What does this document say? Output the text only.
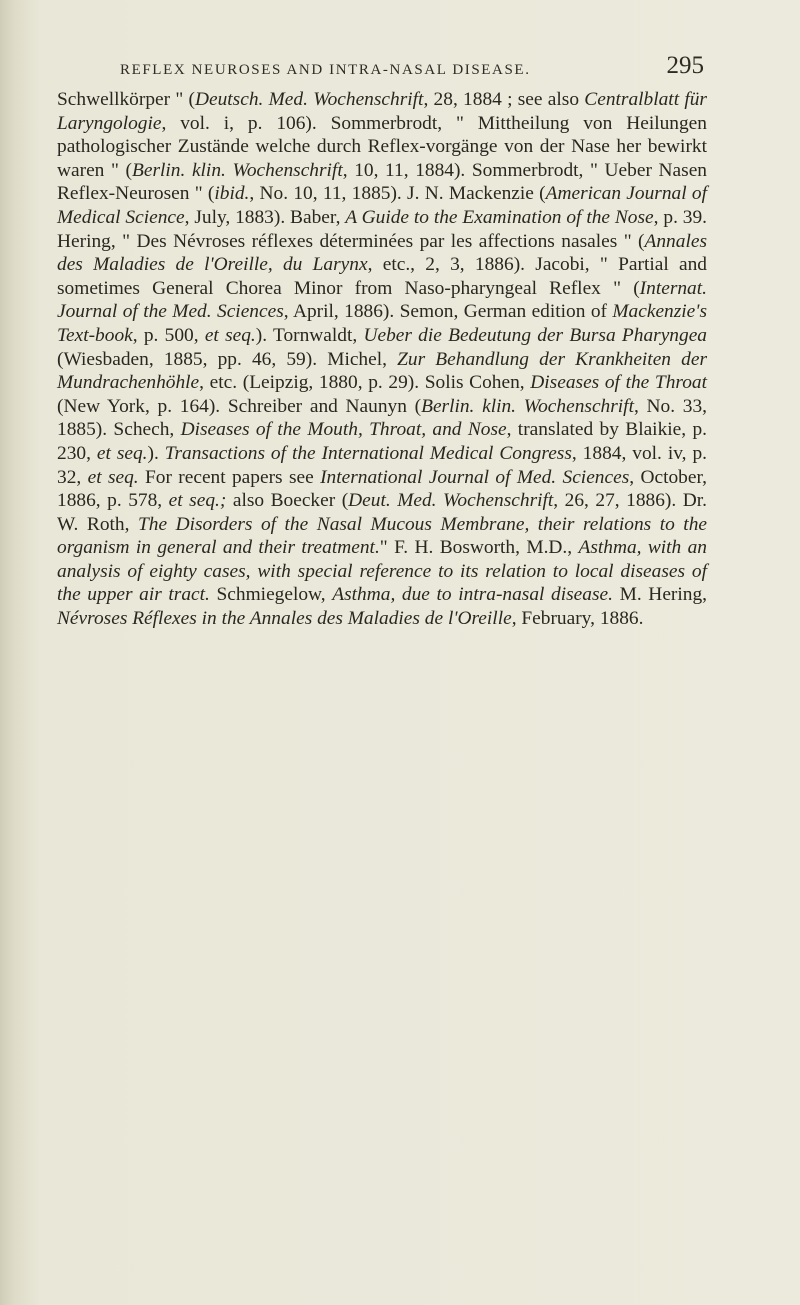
REFLEX NEUROSES AND INTRA-NASAL DISEASE.	295

Schwellkörper " (Deutsch. Med. Wochenschrift, 28, 1884 ; see also Centralblatt für Laryngologie, vol. i, p. 106). Sommerbrodt, " Mittheilung von Heilungen pathologischer Zustände welche durch Reflex-vorgänge von der Nase her bewirkt waren " (Berlin. klin. Wochenschrift, 10, 11, 1884). Sommerbrodt, " Ueber Nasen Reflex-Neurosen " (ibid., No. 10, 11, 1885). J. N. Mackenzie (American Journal of Medical Science, July, 1883). Baber, A Guide to the Examination of the Nose, p. 39. Hering, " Des Névroses réflexes déterminées par les affections nasales " (Annales des Maladies de l'Oreille, du Larynx, etc., 2, 3, 1886). Jacobi, " Partial and sometimes General Chorea Minor from Naso-pharyngeal Reflex " (Internat. Journal of the Med. Sciences, April, 1886). Semon, German edition of Mackenzie's Text-book, p. 500, et seq.). Tornwaldt, Ueber die Bedeutung der Bursa Pharyngea (Wiesbaden, 1885, pp. 46, 59). Michel, Zur Behandlung der Krankheiten der Mundrachenhöhle, etc. (Leipzig, 1880, p. 29). Solis Cohen, Diseases of the Throat (New York, p. 164). Schreiber and Naunyn (Berlin. klin. Wochenschrift, No. 33, 1885). Schech, Diseases of the Mouth, Throat, and Nose, translated by Blaikie, p. 230, et seq.). Transactions of the International Medical Congress, 1884, vol. iv, p. 32, et seq. For recent papers see International Journal of Med. Sciences, October, 1886, p. 578, et seq.; also Boecker (Deut. Med. Wochenschrift, 26, 27, 1886). Dr. W. Roth, The Disorders of the Nasal Mucous Membrane, their relations to the organism in general and their treatment." F. H. Bosworth, M.D., Asthma, with an analysis of eighty cases, with special reference to its relation to local diseases of the upper air tract. Schmiegelow, Asthma, due to intra-nasal disease. M. Hering, Névroses Réflexes in the Annales des Maladies de l'Oreille, February, 1886.
